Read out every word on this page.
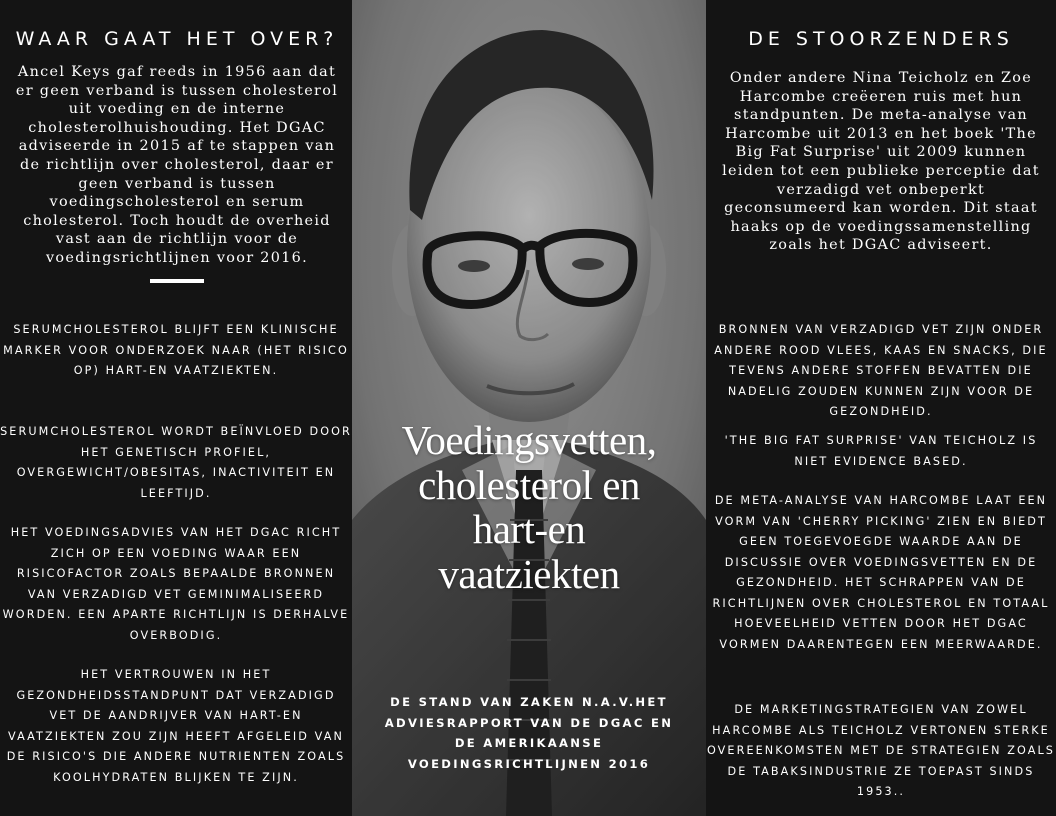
WAAR GAAT HET OVER?

Ancel Keys gaf reeds in 1956 aan dat er geen verband is tussen cholesterol uit voeding en de interne cholesterolhuishouding. Het DGAC adviseerde in 2015 af te stappen van de richtlijn over cholesterol, daar er geen verband is tussen voedingscholesterol en serum cholesterol. Toch houdt de overheid vast aan de richtlijn voor de voedingsrichtlijnen voor 2016.

SERUMCHOLESTEROL BLIJFT EEN KLINISCHE MARKER VOOR ONDERZOEK NAAR (HET RISICO OP) HART-EN VAATZIEKTEN.

SERUMCHOLESTEROL WORDT BEÏNVLOED DOOR HET GENETISCH PROFIEL, OVERGEWICHT/OBESITAS, INACTIVITEIT EN LEEFTIJD.

HET VOEDINGSADVIES VAN HET DGAC RICHT ZICH OP EEN VOEDING WAAR EEN RISICOFACTOR ZOALS BEPAALDE BRONNEN VAN VERZADIGD VET GEMINIMALISEERD WORDEN. EEN APARTE RICHTLIJN IS DERHALVE OVERBODIG.

HET VERTROUWEN IN HET GEZONDHEIDSSTANDPUNT DAT VERZADIGD VET DE AANDRIJVER VAN HART-EN VAATZIEKTEN ZOU ZIJN HEEFT AFGELEID VAN DE RISICO'S DIE ANDERE NUTRIENTEN ZOALS KOOLHYDRATEN BLIJKEN TE ZIJN.

Voedingsvetten,
cholesterol en
hart-en
vaatziekten

DE STAND VAN ZAKEN N.A.V.HET
ADVIESRAPPORT VAN DE DGAC EN
DE AMERIKAANSE
VOEDINGSRICHTLIJNEN 2016

DE STOORZENDERS

Onder andere Nina Teicholz en Zoe Harcombe creëeren ruis met hun standpunten. De meta-analyse van Harcombe uit 2013 en het boek 'The Big Fat Surprise' uit 2009 kunnen leiden tot een publieke perceptie dat verzadigd vet onbeperkt geconsumeerd kan worden. Dit staat haaks op de voedingssamenstelling zoals het DGAC adviseert.

BRONNEN VAN VERZADIGD VET ZIJN ONDER ANDERE ROOD VLEES, KAAS EN SNACKS, DIE TEVENS ANDERE STOFFEN BEVATTEN DIE NADELIG ZOUDEN KUNNEN ZIJN VOOR DE GEZONDHEID.

'THE BIG FAT SURPRISE' VAN TEICHOLZ IS NIET EVIDENCE BASED.

DE META-ANALYSE VAN HARCOMBE LAAT EEN VORM VAN 'CHERRY PICKING' ZIEN EN BIEDT GEEN TOEGEVOEGDE WAARDE AAN DE DISCUSSIE OVER VOEDINGSVETTEN EN DE GEZONDHEID. HET SCHRAPPEN VAN DE RICHTLIJNEN OVER CHOLESTEROL EN TOTAAL HOEVEELHEID VETTEN DOOR HET DGAC VORMEN DAARENTEGEN EEN MEERWAARDE.

DE MARKETINGSTRATEGIEN VAN ZOWEL HARCOMBE ALS TEICHOLZ VERTONEN STERKE OVEREENKOMSTEN MET DE STRATEGIEN ZOALS DE TABAKSINDUSTRIE ZE TOEPAST SINDS 1953..
